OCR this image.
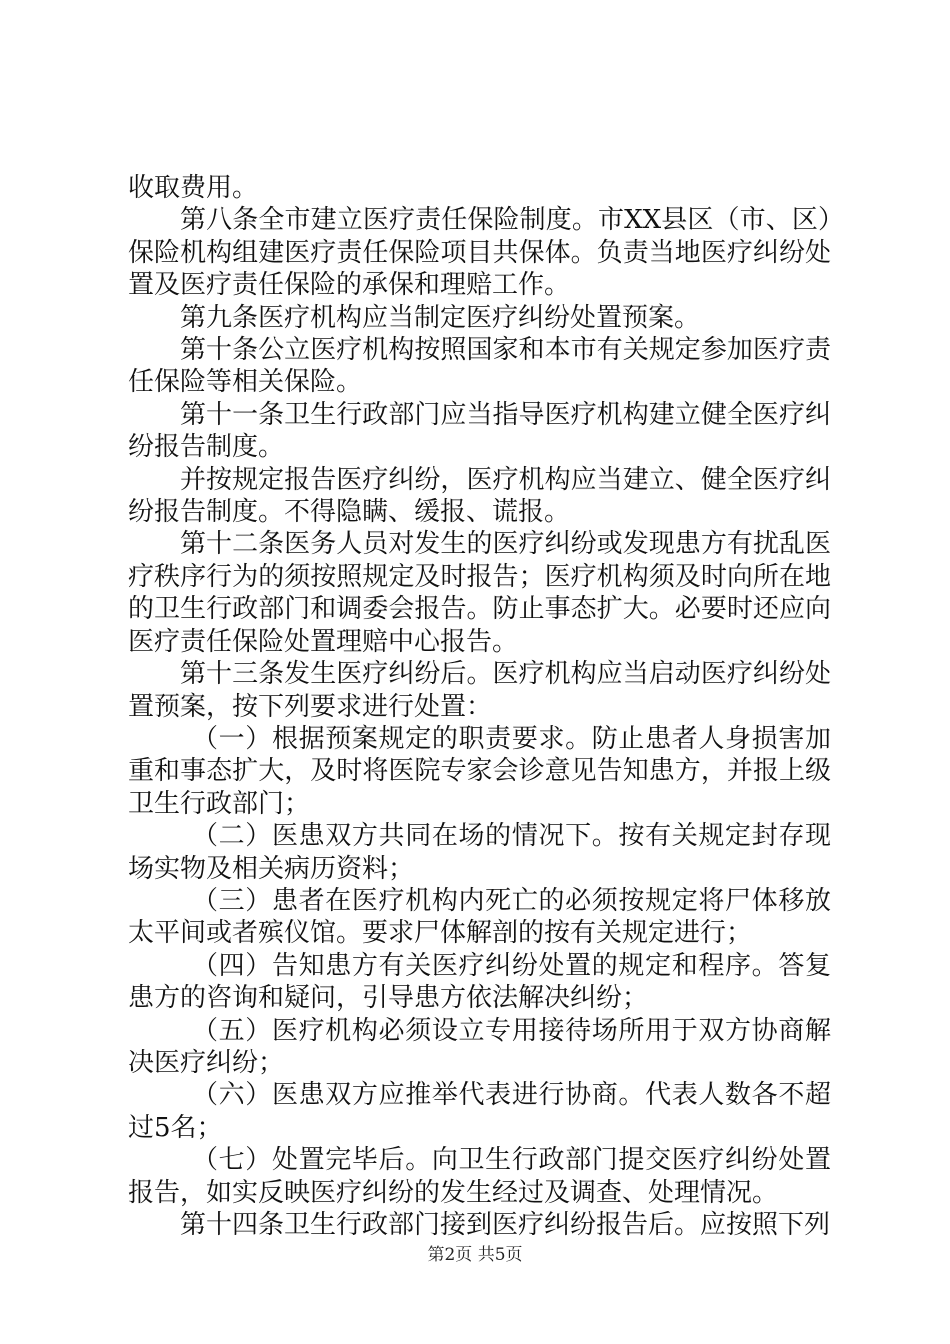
收取费用。

第八条全市建立医疗责任保险制度。市XX县区（市、区）保险机构组建医疗责任保险项目共保体。负责当地医疗纠纷处置及医疗责任保险的承保和理赔工作。

第九条医疗机构应当制定医疗纠纷处置预案。

第十条公立医疗机构按照国家和本市有关规定参加医疗责任保险等相关保险。

第十一条卫生行政部门应当指导医疗机构建立健全医疗纠纷报告制度。

并按规定报告医疗纠纷，医疗机构应当建立、健全医疗纠纷报告制度。不得隐瞒、缓报、谎报。

第十二条医务人员对发生的医疗纠纷或发现患方有扰乱医疗秩序行为的须按照规定及时报告；医疗机构须及时向所在地的卫生行政部门和调委会报告。防止事态扩大。必要时还应向医疗责任保险处置理赔中心报告。

第十三条发生医疗纠纷后。医疗机构应当启动医疗纠纷处置预案，按下列要求进行处置：

（一）根据预案规定的职责要求。防止患者人身损害加重和事态扩大，及时将医院专家会诊意见告知患方，并报上级卫生行政部门；

（二）医患双方共同在场的情况下。按有关规定封存现场实物及相关病历资料；

（三）患者在医疗机构内死亡的必须按规定将尸体移放太平间或者殡仪馆。要求尸体解剖的按有关规定进行；

（四）告知患方有关医疗纠纷处置的规定和程序。答复患方的咨询和疑问，引导患方依法解决纠纷；

（五）医疗机构必须设立专用接待场所用于双方协商解决医疗纠纷；

（六）医患双方应推举代表进行协商。代表人数各不超过5名；

（七）处置完毕后。向卫生行政部门提交医疗纠纷处置报告，如实反映医疗纠纷的发生经过及调查、处理情况。

第十四条卫生行政部门接到医疗纠纷报告后。应按照下列

第2页 共5页
